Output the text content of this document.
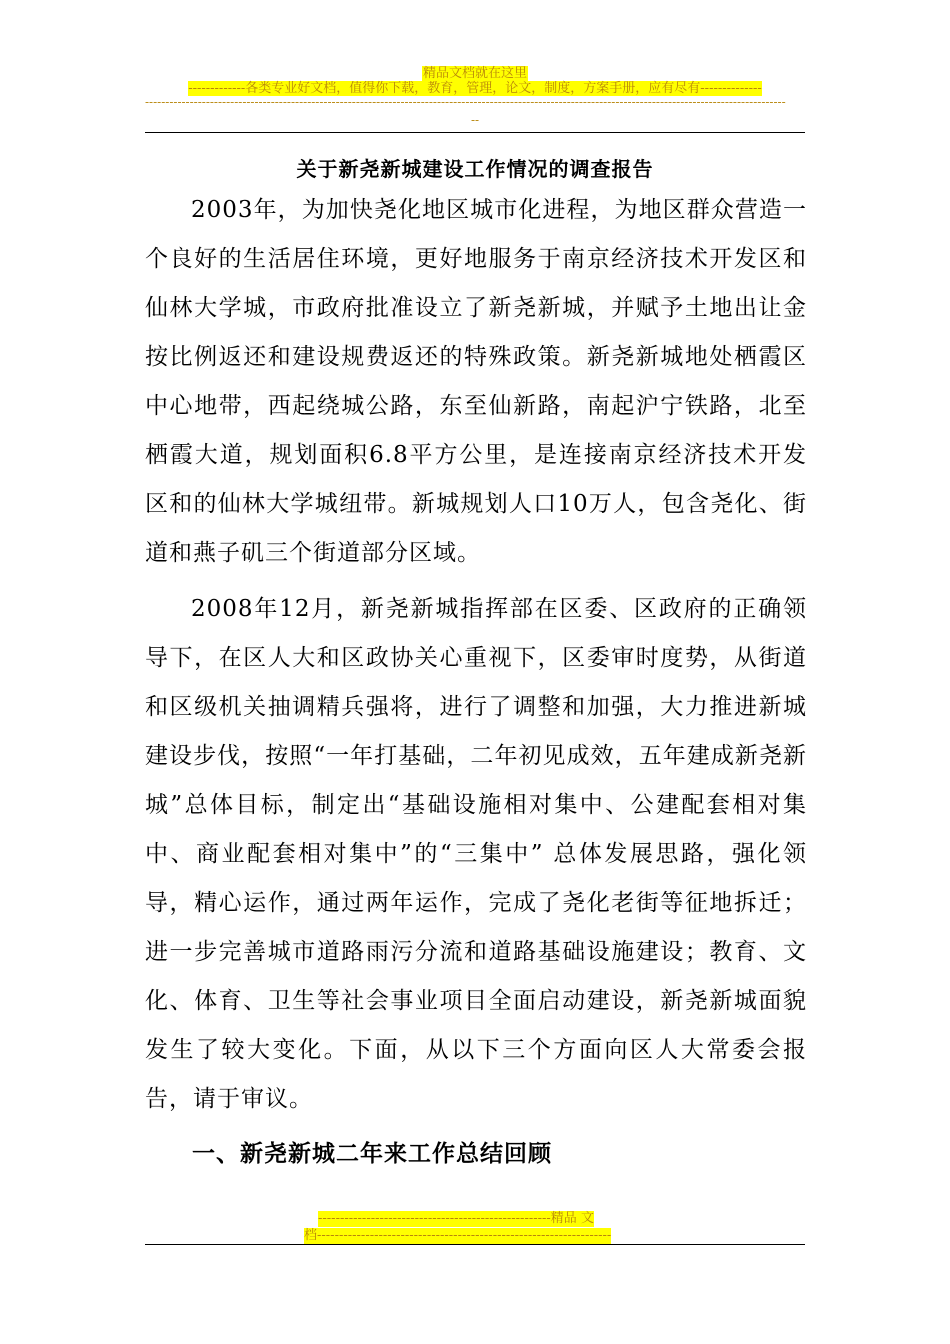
精品文档就在这里
-------------各类专业好文档，值得你下载，教育，管理，论文，制度，方案手册，应有尽有--------------
--------------------------------------------------------------------------------------------------------------------------------------------------------------
--
关于新尧新城建设工作情况的调查报告

2003年，为加快尧化地区城市化进程，为地区群众营造一个良好的生活居住环境，更好地服务于南京经济技术开发区和仙林大学城，市政府批准设立了新尧新城，并赋予土地出让金按比例返还和建设规费返还的特殊政策。新尧新城地处栖霞区中心地带，西起绕城公路，东至仙新路，南起沪宁铁路，北至栖霞大道，规划面积6.8平方公里，是连接南京经济技术开发区和的仙林大学城纽带。新城规划人口10万人，包含尧化、街道和燕子矶三个街道部分区域。

2008年12月，新尧新城指挥部在区委、区政府的正确领导下，在区人大和区政协关心重视下，区委审时度势，从街道和区级机关抽调精兵强将，进行了调整和加强，大力推进新城建设步伐，按照“一年打基础，二年初见成效，五年建成新尧新城”总体目标，制定出“基础设施相对集中、公建配套相对集中、商业配套相对集中”的“三集中” 总体发展思路，强化领导，精心运作，通过两年运作，完成了尧化老街等征地拆迁；进一步完善城市道路雨污分流和道路基础设施建设；教育、文化、体育、卫生等社会事业项目全面启动建设，新尧新城面貌发生了较大变化。下面，从以下三个方面向区人大常委会报告，请于审议。

一、新尧新城二年来工作总结回顾
-----------------------------------------------------精品 文
档-------------------------------------------------------------------
